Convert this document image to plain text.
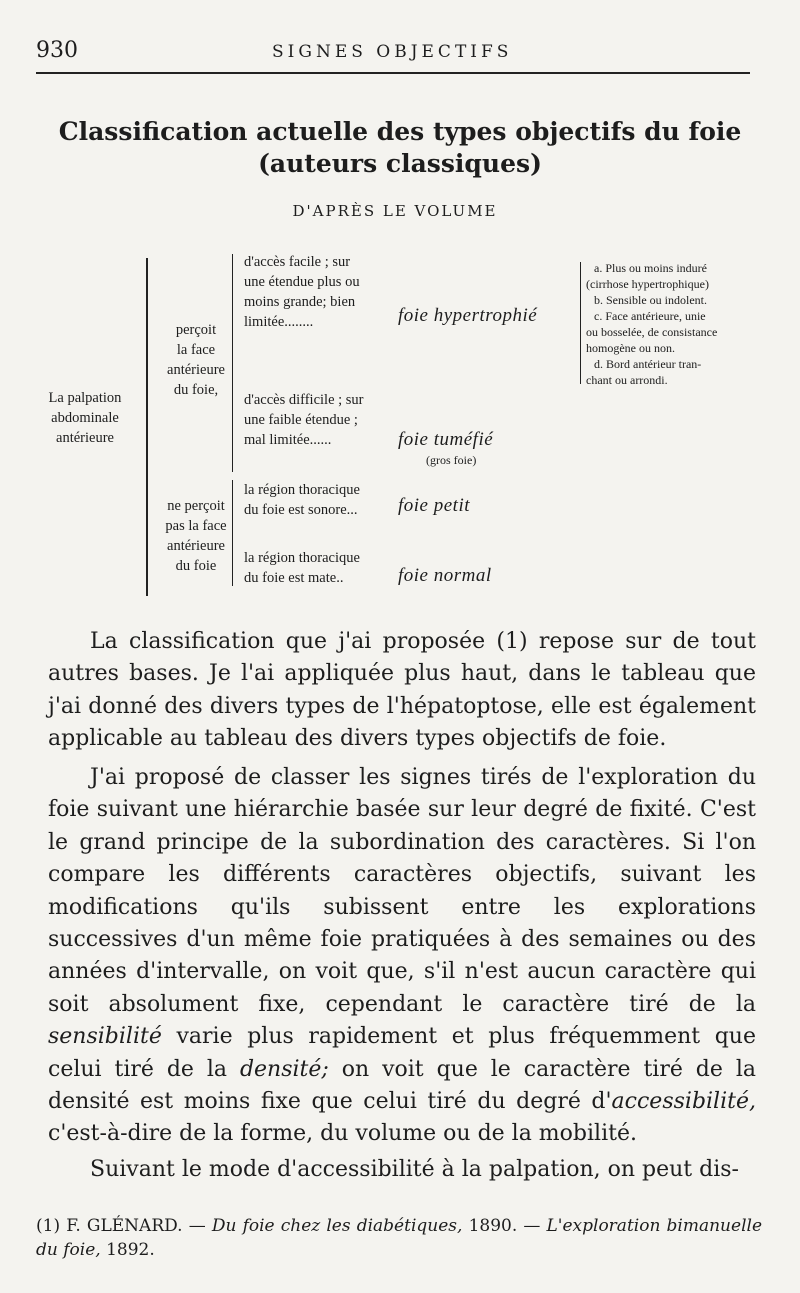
930	SIGNES OBJECTIFS
Classification actuelle des types objectifs du foie
(auteurs classiques)
D'APRÈS LE VOLUME
La palpation
abdominale
antérieure
perçoit
la face
antérieure
du foie,
ne perçoit
pas la face
antérieure
du foie
d'accès facile ; sur
une étendue plus ou
moins grande; bien
limitée........
d'accès difficile ; sur
une faible étendue ;
mal limitée......
la région thoracique
du foie est sonore...
la région thoracique
du foie est mate..
foie hypertrophié
foie tuméfié
(gros foie)
foie petit
foie normal
a. Plus ou moins induré
(cirrhose hypertrophique)
b. Sensible ou indolent.
c. Face antérieure, unie
ou bosselée, de consistance
homogène ou non.
d. Bord antérieur tran-
chant ou arrondi.

La classification que j'ai proposée (1) repose sur de tout autres bases. Je l'ai appliquée plus haut, dans le tableau que j'ai donné des divers types de l'hépatoptose, elle est également applicable au tableau des divers types objectifs de foie.

J'ai proposé de classer les signes tirés de l'exploration du foie suivant une hiérarchie basée sur leur degré de fixité. C'est le grand principe de la subordination des caractères. Si l'on compare les différents caractères objectifs, suivant les modifications qu'ils subissent entre les explorations successives d'un même foie pratiquées à des semaines ou des années d'intervalle, on voit que, s'il n'est aucun caractère qui soit absolument fixe, cependant le caractère tiré de la sensibilité varie plus rapidement et plus fréquemment que celui tiré de la densité; on voit que le caractère tiré de la densité est moins fixe que celui tiré du degré d'accessibilité, c'est-à-dire de la forme, du volume ou de la mobilité.

Suivant le mode d'accessibilité à la palpation, on peut dis-

(1) F. GLÉNARD. — Du foie chez les diabétiques, 1890. — L'exploration bimanuelle du foie, 1892.
